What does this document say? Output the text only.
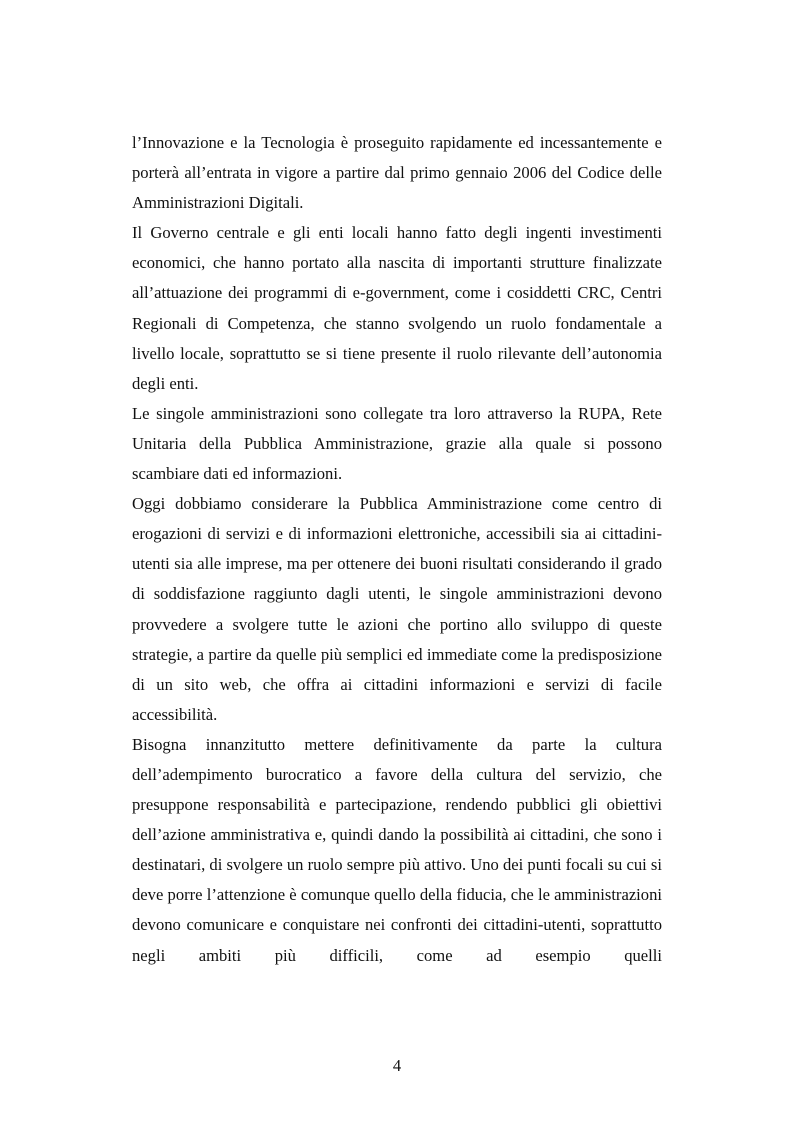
l’Innovazione e la Tecnologia è proseguito rapidamente ed incessantemente e porterà all’entrata in vigore a partire dal primo gennaio 2006 del Codice delle Amministrazioni Digitali.

Il Governo centrale e gli enti locali hanno fatto degli ingenti investimenti economici, che hanno portato alla nascita di importanti strutture finalizzate all’attuazione dei programmi di e-government, come i cosiddetti CRC, Centri Regionali di Competenza, che stanno svolgendo un ruolo fondamentale a livello locale, soprattutto se si tiene presente il ruolo rilevante dell’autonomia degli enti.

Le singole amministrazioni sono collegate tra loro attraverso la RUPA, Rete Unitaria della Pubblica Amministrazione, grazie alla quale si possono scambiare dati ed informazioni.

Oggi dobbiamo considerare la Pubblica Amministrazione come centro di erogazioni di servizi e di informazioni elettroniche, accessibili sia ai cittadini-utenti sia alle imprese, ma per ottenere dei buoni risultati considerando il grado di soddisfazione raggiunto dagli utenti, le singole amministrazioni devono provvedere a svolgere tutte le azioni che portino allo sviluppo di queste strategie, a partire da quelle più semplici ed immediate come la predisposizione di un sito web, che offra ai cittadini informazioni e servizi di facile accessibilità.

Bisogna innanzitutto mettere definitivamente da parte la cultura dell’adempimento burocratico a favore della cultura del servizio, che presuppone responsabilità e partecipazione, rendendo pubblici gli obiettivi dell’azione amministrativa e, quindi dando la possibilità ai cittadini, che sono i destinatari, di svolgere un ruolo sempre più attivo. Uno dei punti focali su cui si deve porre l’attenzione è comunque quello della fiducia, che le amministrazioni devono comunicare e conquistare nei confronti dei cittadini-utenti, soprattutto negli ambiti più difficili, come ad esempio quelli

4
